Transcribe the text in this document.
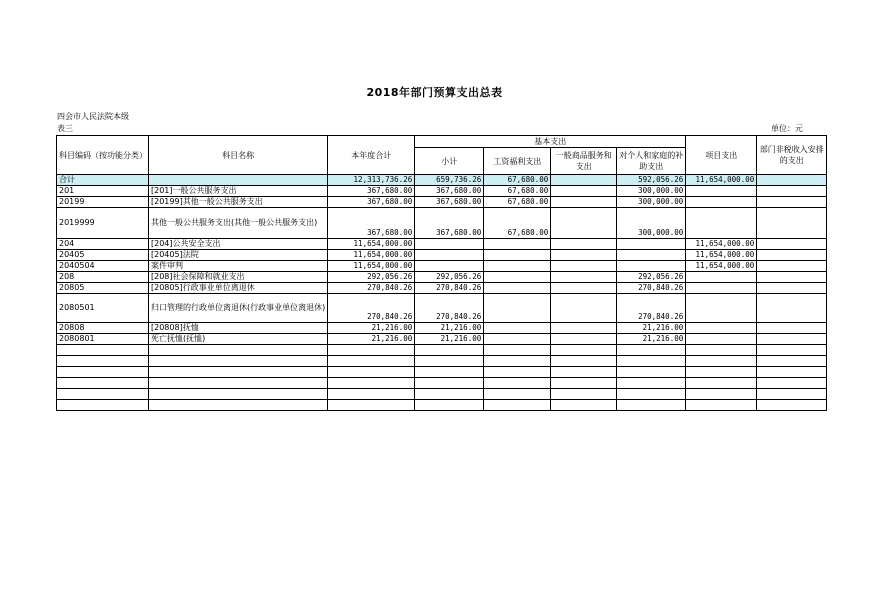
2018年部门预算支出总表
四会市人民法院本级
表三	单位：元
科目编码（按功能分类）	科目名称	本年度合计	基本支出				项目支出	部门非税收入安排的支出
			小计	工资福利支出	一般商品服务和支出	对个人和家庭的补助支出		
合计		12,313,736.26	659,736.26	67,680.00		592,056.26	11,654,000.00	
201	[201]一般公共服务支出	367,680.00	367,680.00	67,680.00		300,000.00		
20199	[20199]其他一般公共服务支出	367,680.00	367,680.00	67,680.00		300,000.00		
2019999	其他一般公共服务支出(其他一般公共服务支出)	367,680.00	367,680.00	67,680.00		300,000.00		
204	[204]公共安全支出	11,654,000.00					11,654,000.00	
20405	[20405]法院	11,654,000.00					11,654,000.00	
2040504	案件审判	11,654,000.00					11,654,000.00	
208	[208]社会保障和就业支出	292,056.26	292,056.26			292,056.26		
20805	[20805]行政事业单位离退休	270,840.26	270,840.26			270,840.26		
2080501	归口管理的行政单位离退休(行政事业单位离退休)	270,840.26	270,840.26			270,840.26		
20808	[20808]抚恤	21,216.00	21,216.00			21,216.00		
2080801	死亡抚恤(抚恤)	21,216.00	21,216.00			21,216.00		
